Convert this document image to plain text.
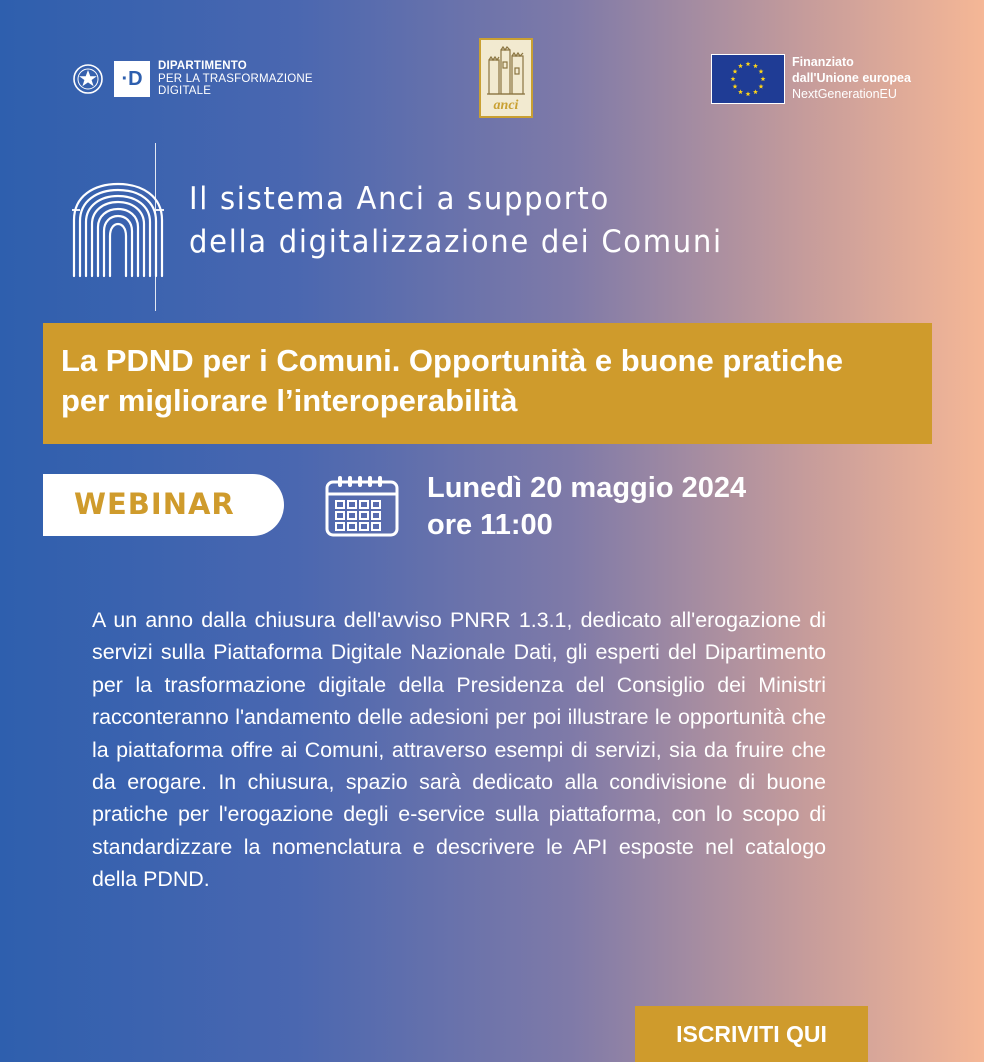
·D
DIPARTIMENTO
PER LA TRASFORMAZIONE
DIGITALE
anci
Finanziato
dall'Unione europea
NextGenerationEU
Il sistema Anci a supporto
della digitalizzazione dei Comuni
La PDND per i Comuni. Opportunità e buone pratiche
per migliorare l’interoperabilità
WEBINAR	Lunedì 20 maggio 2024
ore 11:00
A un anno dalla chiusura dell'avviso PNRR 1.3.1, dedicato all'erogazione di servizi sulla Piattaforma Digitale Nazionale Dati, gli esperti del Dipartimento per la trasformazione digitale della Presidenza del Consiglio dei Ministri racconteranno l'andamento delle adesioni per poi illustrare le opportunità che la piattaforma offre ai Comuni, attraverso esempi di servizi, sia da fruire che da erogare. In chiusura, spazio sarà dedicato alla condivisione di buone pratiche per l'erogazione degli e-service sulla piattaforma, con lo scopo di standardizzare la nomenclatura e descrivere le API esposte nel catalogo della PDND.
ISCRIVITI QUI
